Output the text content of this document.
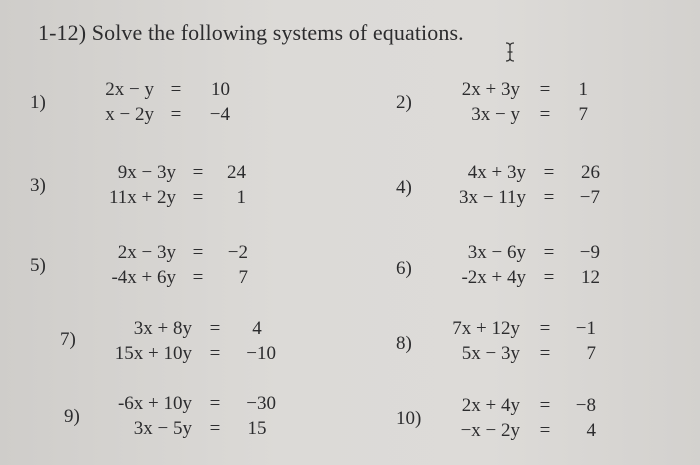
1-12) Solve the following systems of equations.
1)
2x − y =	10
x − 2y =	−4
2)
2x + 3y	=	1
3x − y	=	7
3)
9x − 3y =	24
11x + 2y =	1	4)
4x + 3y =	26
3x − 11y =	−7
5)
2x − 3y =	−2
-4x + 6y =	7	6)
3x − 6y =	−9
-2x + 4y =	12
7)
3x + 8y =	4
15x + 10y =	−10	8)
7x + 12y	=	−1
5x − 3y	=	7
9)
-6x + 10y =	−30
3x − 5y =	15	10)
2x + 4y	=	−8
−x − 2y	=	4
